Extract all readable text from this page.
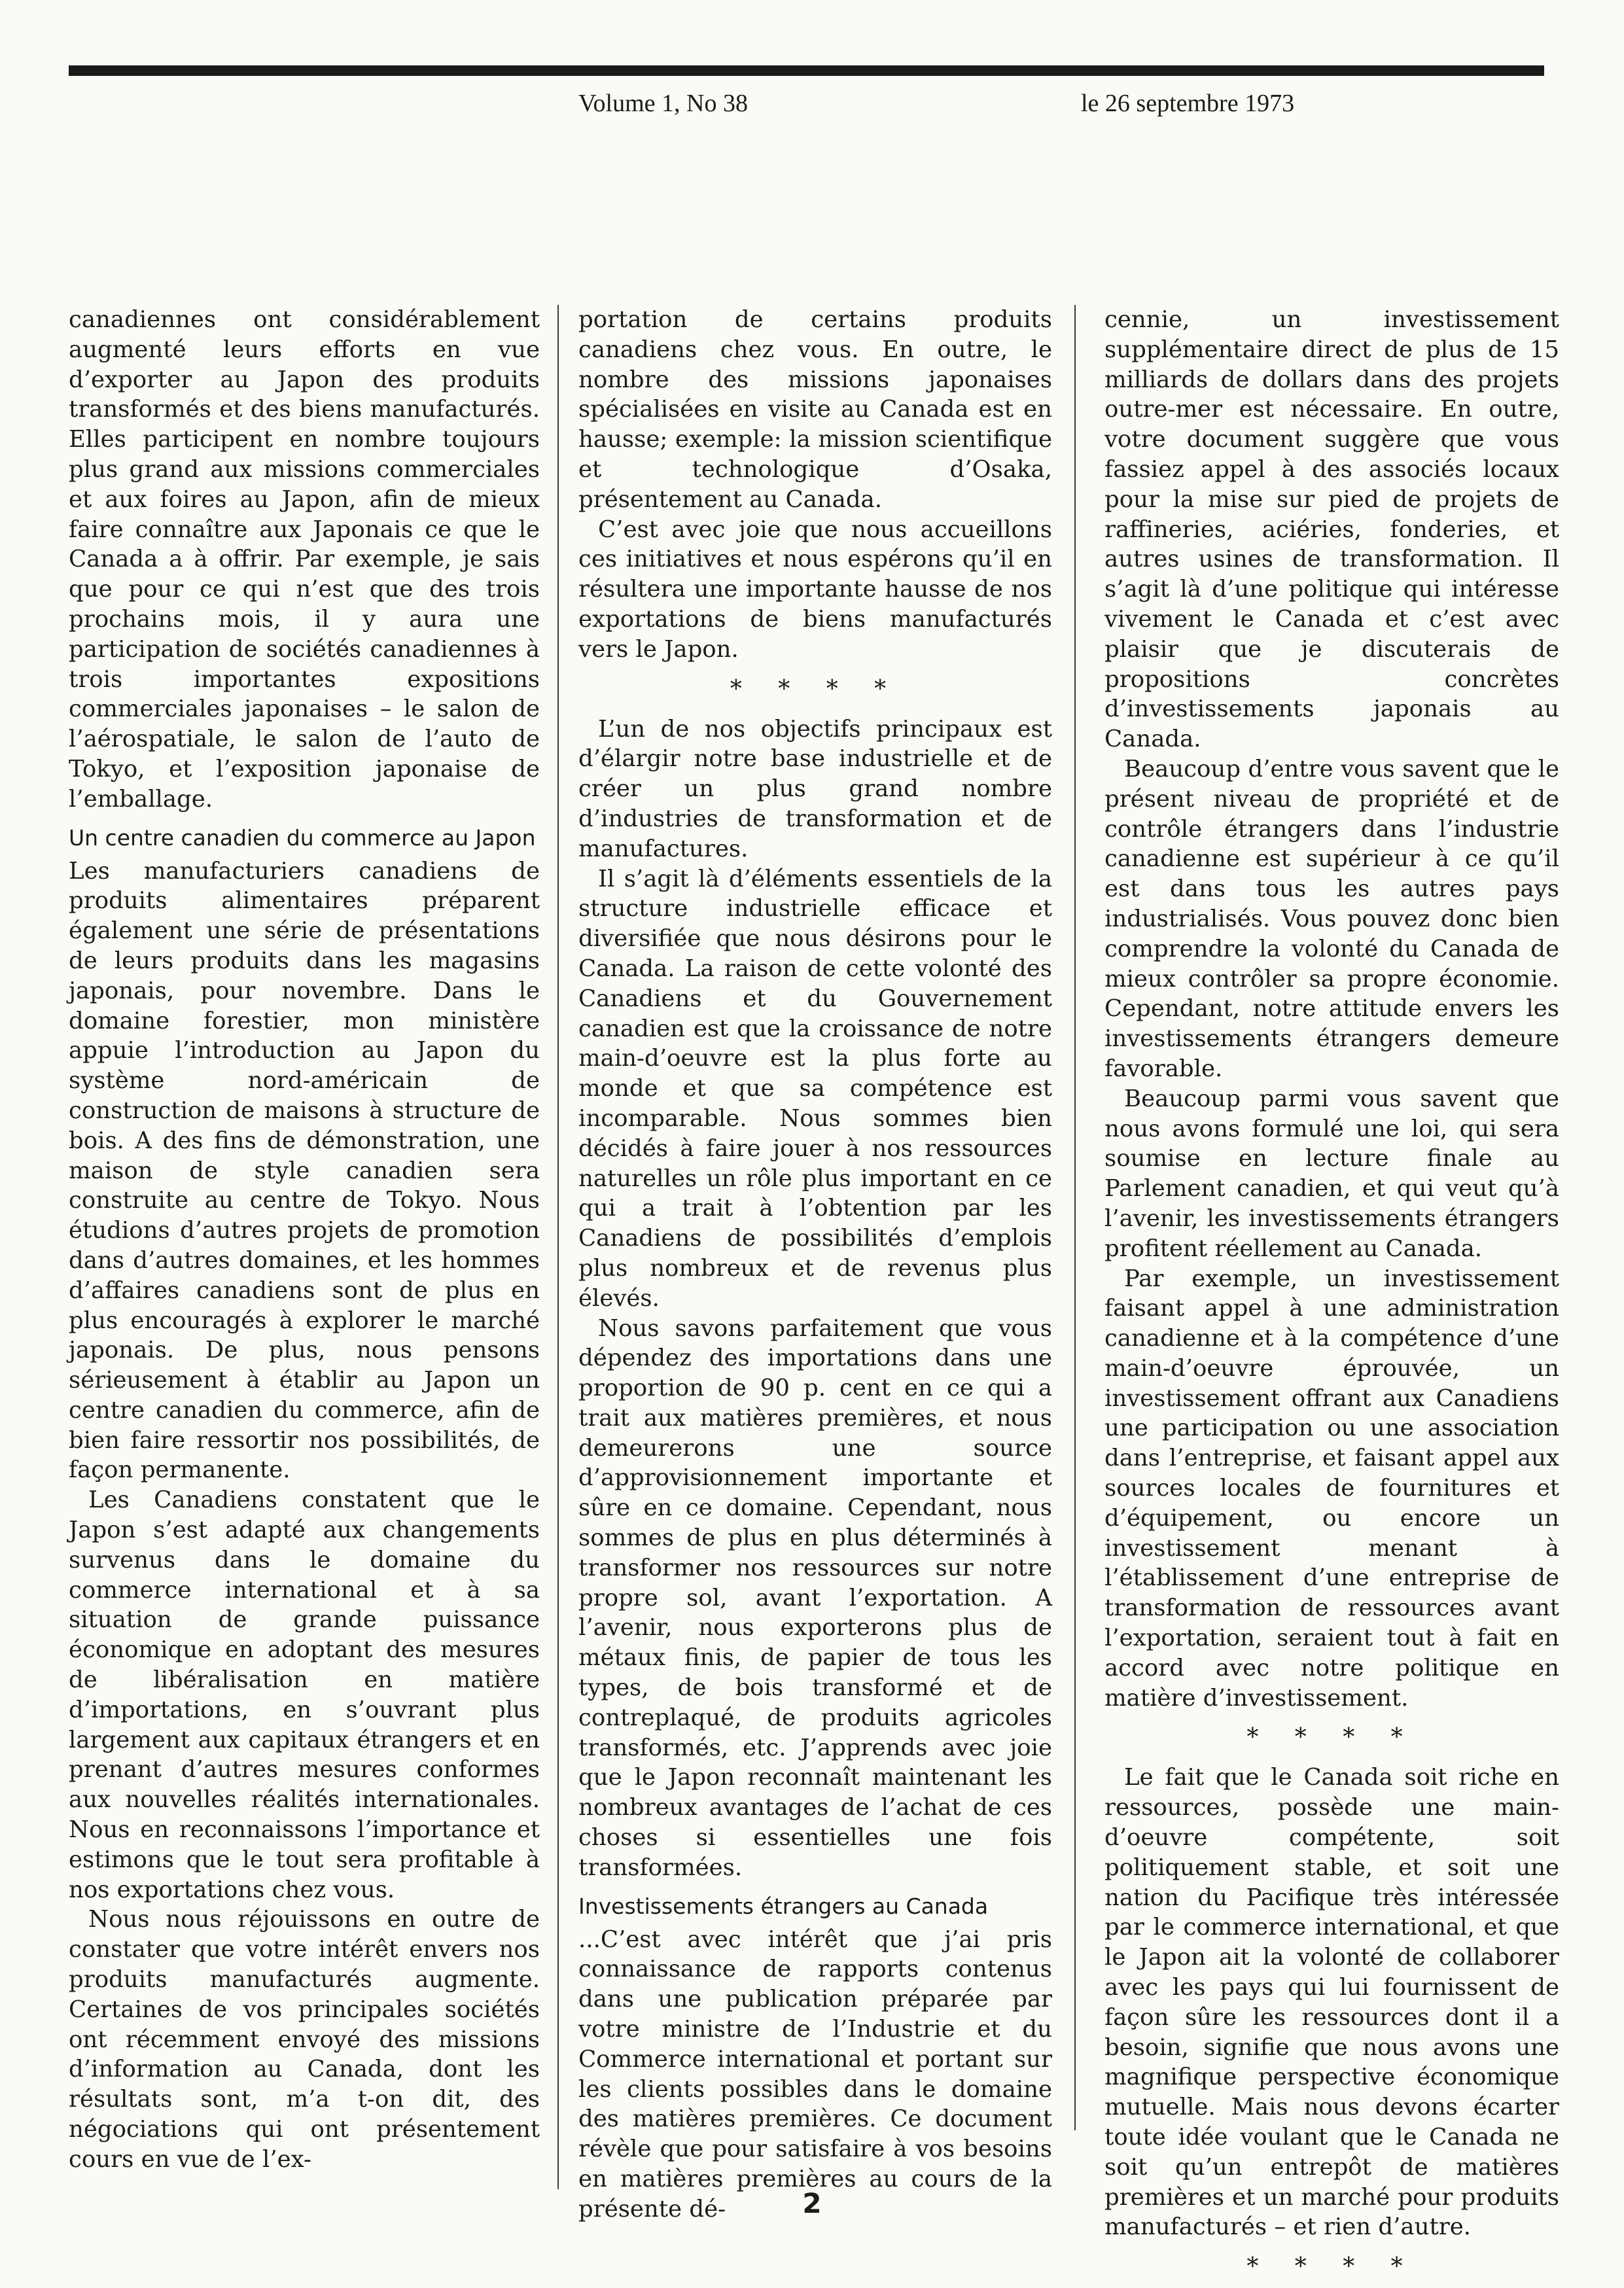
Volume 1, No 38	le 26 septembre 1973

canadiennes ont considérablement augmenté leurs efforts en vue d’exporter au Japon des produits transformés et des biens manufacturés. Elles participent en nombre toujours plus grand aux missions commerciales et aux foires au Japon, afin de mieux faire connaître aux Japonais ce que le Canada a à offrir. Par exemple, je sais que pour ce qui n’est que des trois prochains mois, il y aura une participation de sociétés canadiennes à trois importantes expositions commerciales japonaises – le salon de l’aérospatiale, le salon de l’auto de Tokyo, et l’exposition japonaise de l’emballage.

Un centre canadien du commerce au Japon

Les manufacturiers canadiens de produits alimentaires préparent également une série de présentations de leurs produits dans les magasins japonais, pour novembre. Dans le domaine forestier, mon ministère appuie l’introduction au Japon du système nord-américain de construction de maisons à structure de bois. A des fins de démonstration, une maison de style canadien sera construite au centre de Tokyo. Nous étudions d’autres projets de promotion dans d’autres domaines, et les hommes d’affaires canadiens sont de plus en plus encouragés à explorer le marché japonais. De plus, nous pensons sérieusement à établir au Japon un centre canadien du commerce, afin de bien faire ressortir nos possibilités, de façon permanente.

Les Canadiens constatent que le Japon s’est adapté aux changements survenus dans le domaine du commerce international et à sa situation de grande puissance économique en adoptant des mesures de libéralisation en matière d’importations, en s’ouvrant plus largement aux capitaux étrangers et en prenant d’autres mesures conformes aux nouvelles réalités internationales. Nous en reconnaissons l’importance et estimons que le tout sera profitable à nos exportations chez vous.

Nous nous réjouissons en outre de constater que votre intérêt envers nos produits manufacturés augmente. Certaines de vos principales sociétés ont récemment envoyé des missions d’information au Canada, dont les résultats sont, m’a t-on dit, des négociations qui ont présentement cours en vue de l’ex-

portation de certains produits canadiens chez vous. En outre, le nombre des missions japonaises spécialisées en visite au Canada est en hausse; exemple: la mission scientifique et technologique d’Osaka, présentement au Canada.

C’est avec joie que nous accueillons ces initiatives et nous espérons qu’il en résultera une importante hausse de nos exportations de biens manufacturés vers le Japon.

* * * *

L’un de nos objectifs principaux est d’élargir notre base industrielle et de créer un plus grand nombre d’industries de transformation et de manufactures.

Il s’agit là d’éléments essentiels de la structure industrielle efficace et diversifiée que nous désirons pour le Canada. La raison de cette volonté des Canadiens et du Gouvernement canadien est que la croissance de notre main-d’oeuvre est la plus forte au monde et que sa compétence est incomparable. Nous sommes bien décidés à faire jouer à nos ressources naturelles un rôle plus important en ce qui a trait à l’obtention par les Canadiens de possibilités d’emplois plus nombreux et de revenus plus élevés.

Nous savons parfaitement que vous dépendez des importations dans une proportion de 90 p. cent en ce qui a trait aux matières premières, et nous demeurerons une source d’approvisionnement importante et sûre en ce domaine. Cependant, nous sommes de plus en plus déterminés à transformer nos ressources sur notre propre sol, avant l’exportation. A l’avenir, nous exporterons plus de métaux finis, de papier de tous les types, de bois transformé et de contreplaqué, de produits agricoles transformés, etc. J’apprends avec joie que le Japon reconnaît maintenant les nombreux avantages de l’achat de ces choses si essentielles une fois transformées.

Investissements étrangers au Canada

...C’est avec intérêt que j’ai pris connaissance de rapports contenus dans une publication préparée par votre ministre de l’Industrie et du Commerce international et portant sur les clients possibles dans le domaine des matières premières. Ce document révèle que pour satisfaire à vos besoins en matières premières au cours de la présente dé-

cennie, un investissement supplémentaire direct de plus de 15 milliards de dollars dans des projets outre-mer est nécessaire. En outre, votre document suggère que vous fassiez appel à des associés locaux pour la mise sur pied de projets de raffineries, aciéries, fonderies, et autres usines de transformation. Il s’agit là d’une politique qui intéresse vivement le Canada et c’est avec plaisir que je discuterais de propositions concrètes d’investissements japonais au Canada.

Beaucoup d’entre vous savent que le présent niveau de propriété et de contrôle étrangers dans l’industrie canadienne est supérieur à ce qu’il est dans tous les autres pays industrialisés. Vous pouvez donc bien comprendre la volonté du Canada de mieux contrôler sa propre économie. Cependant, notre attitude envers les investissements étrangers demeure favorable.

Beaucoup parmi vous savent que nous avons formulé une loi, qui sera soumise en lecture finale au Parlement canadien, et qui veut qu’à l’avenir, les investissements étrangers profitent réellement au Canada.

Par exemple, un investissement faisant appel à une administration canadienne et à la compétence d’une main-d’oeuvre éprouvée, un investissement offrant aux Canadiens une participation ou une association dans l’entreprise, et faisant appel aux sources locales de fournitures et d’équipement, ou encore un investissement menant à l’établissement d’une entreprise de transformation de ressources avant l’exportation, seraient tout à fait en accord avec notre politique en matière d’investissement.

* * * *

Le fait que le Canada soit riche en ressources, possède une main-d’oeuvre compétente, soit politiquement stable, et soit une nation du Pacifique très intéressée par le commerce international, et que le Japon ait la volonté de collaborer avec les pays qui lui fournissent de façon sûre les ressources dont il a besoin, signifie que nous avons une magnifique perspective économique mutuelle. Mais nous devons écarter toute idée voulant que le Canada ne soit qu’un entrepôt de matières premières et un marché pour produits manufacturés – et rien d’autre.

* * * *
2
